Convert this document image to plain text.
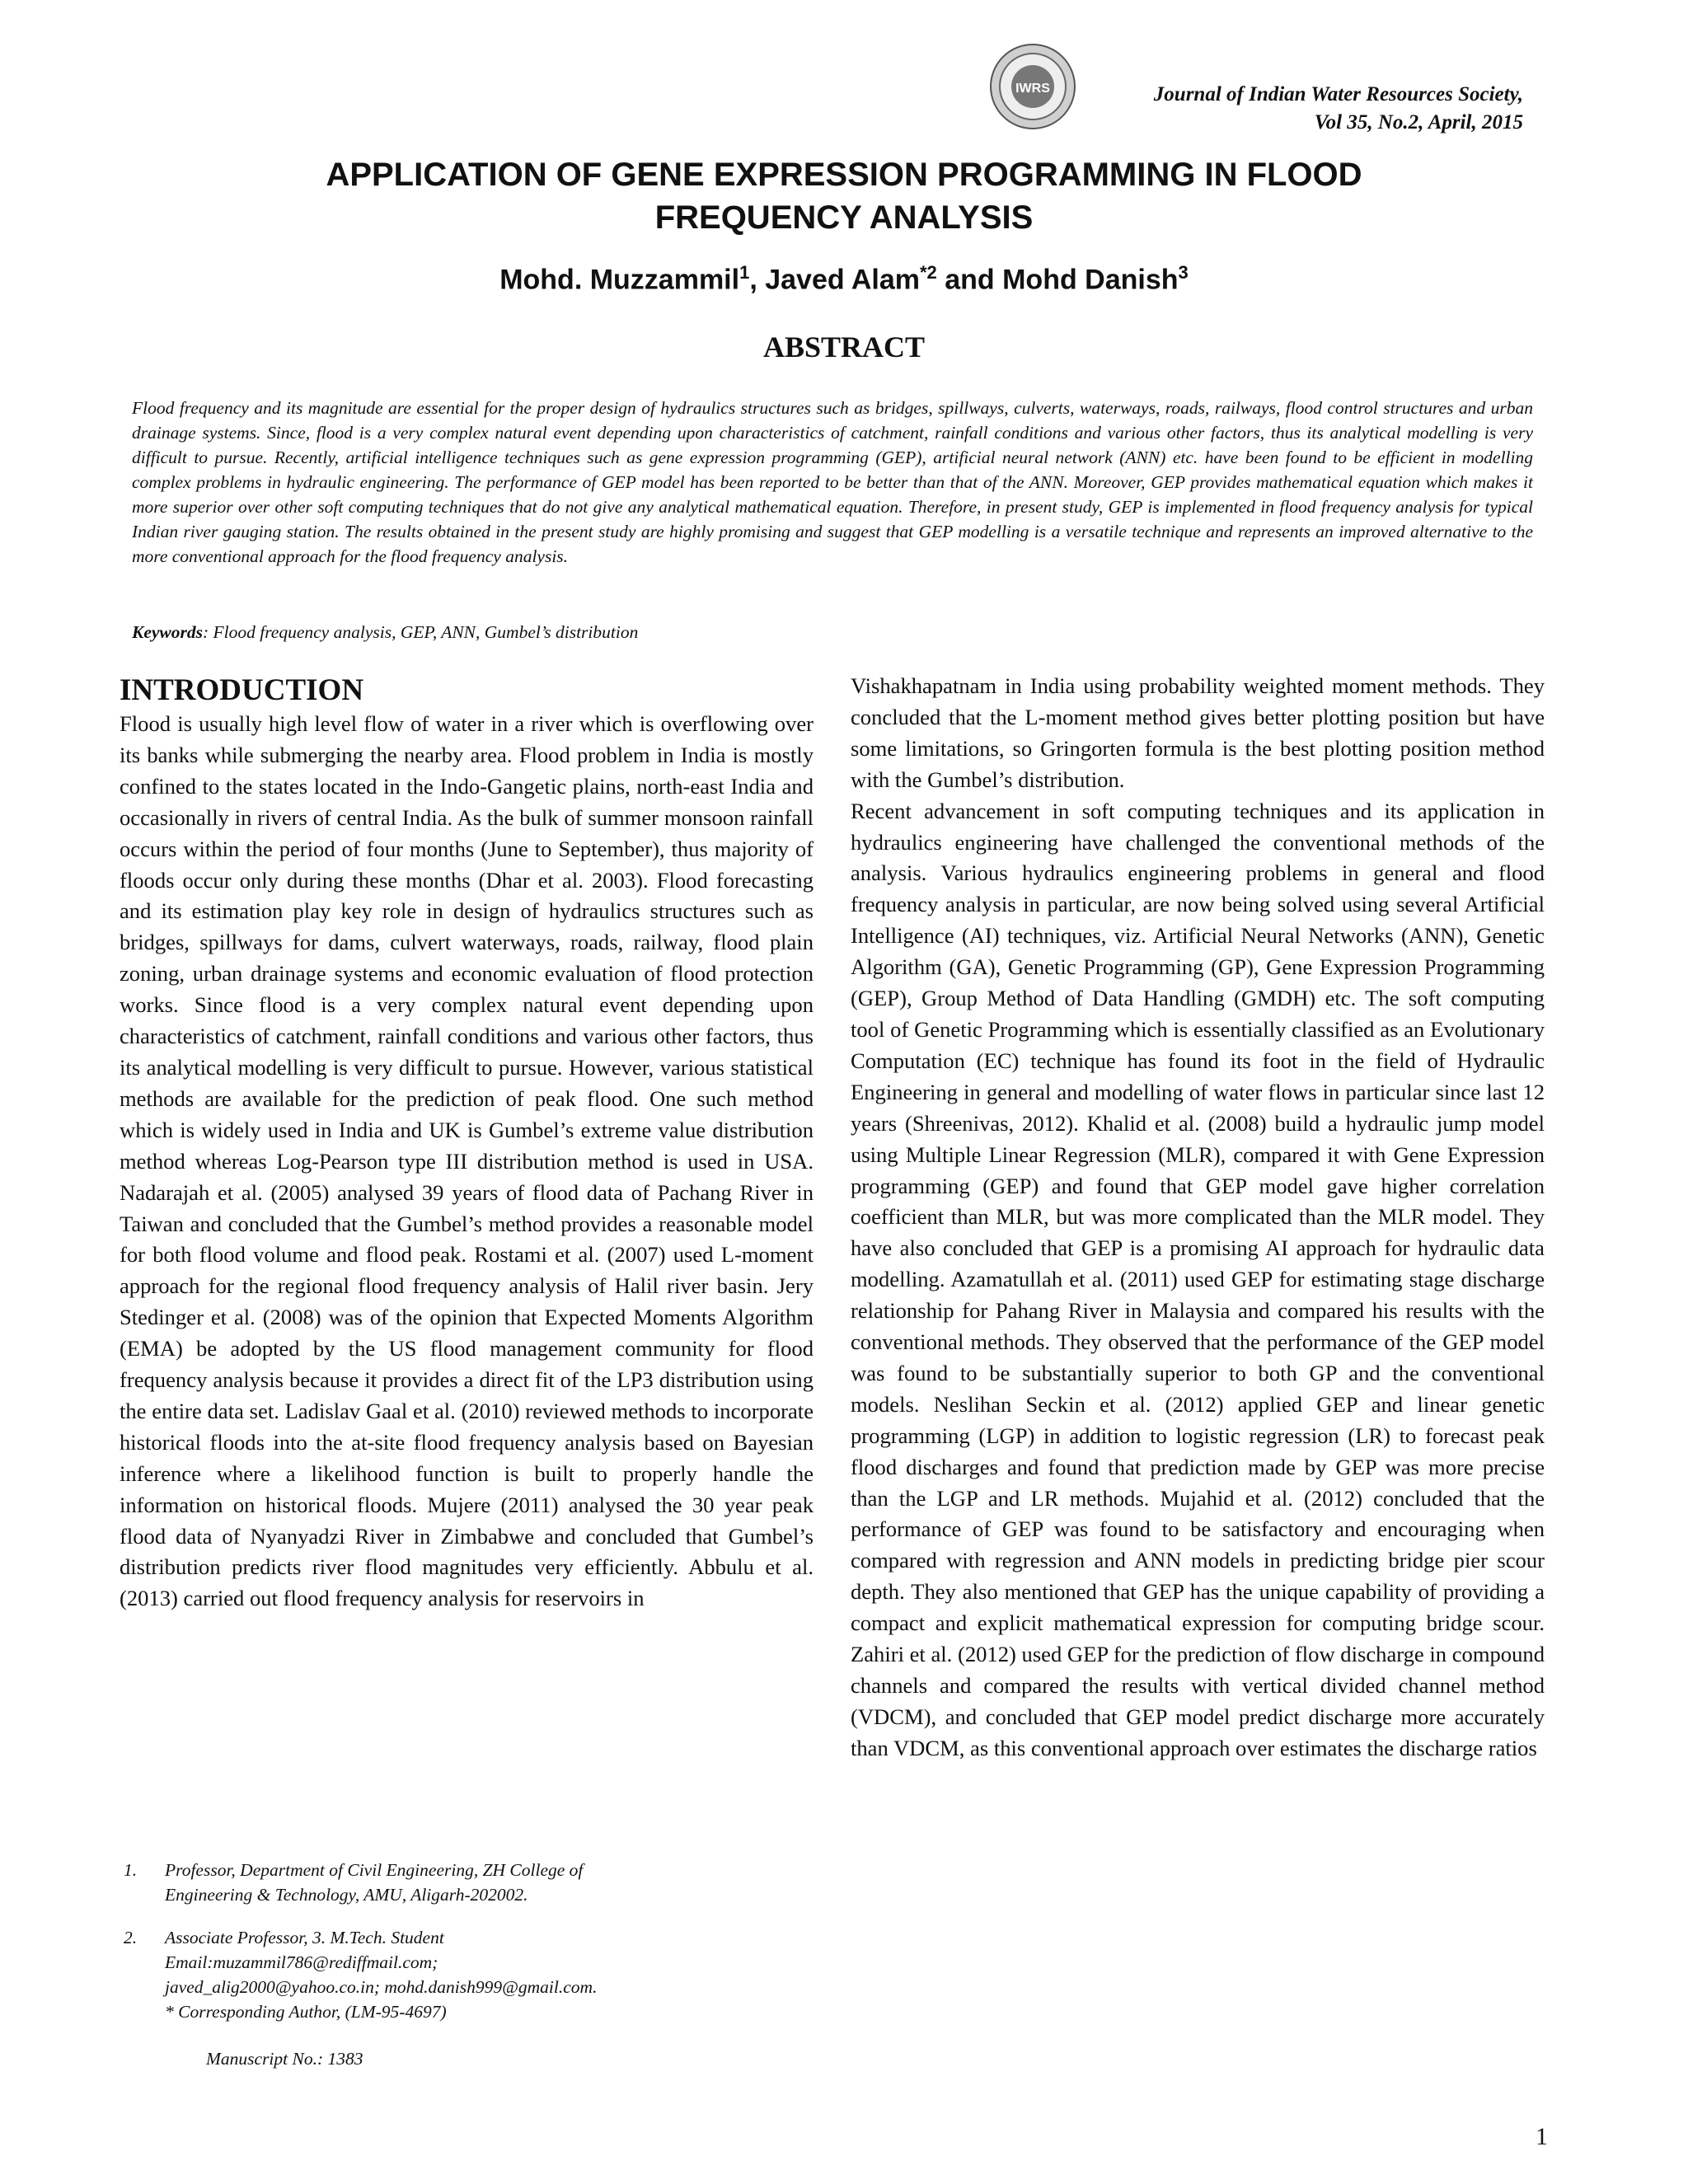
IWRS	Journal of Indian Water Resources Society,
Vol 35, No.2, April, 2015
APPLICATION OF GENE EXPRESSION PROGRAMMING IN FLOOD
FREQUENCY ANALYSIS
Mohd. Muzzammil$^1$, Javed Alam$^{*2}$ and Mohd Danish$^3$
ABSTRACT

Flood frequency and its magnitude are essential for the proper design of hydraulics structures such as bridges, spillways, culverts, waterways, roads, railways, flood control structures and urban drainage systems. Since, flood is a very complex natural event depending upon characteristics of catchment, rainfall conditions and various other factors, thus its analytical modelling is very difficult to pursue. Recently, artificial intelligence techniques such as gene expression programming (GEP), artificial neural network (ANN) etc. have been found to be efficient in modelling complex problems in hydraulic engineering. The performance of GEP model has been reported to be better than that of the ANN. Moreover, GEP provides mathematical equation which makes it more superior over other soft computing techniques that do not give any analytical mathematical equation. Therefore, in present study, GEP is implemented in flood frequency analysis for typical Indian river gauging station. The results obtained in the present study are highly promising and suggest that GEP modelling is a versatile technique and represents an improved alternative to the more conventional approach for the flood frequency analysis.

Keywords: Flood frequency analysis, GEP, ANN, Gumbel’s distribution

INTRODUCTION

Flood is usually high level flow of water in a river which is overflowing over its banks while submerging the nearby area. Flood problem in India is mostly confined to the states located in the Indo-Gangetic plains, north-east India and occasionally in rivers of central India. As the bulk of summer monsoon rainfall occurs within the period of four months (June to September), thus majority of floods occur only during these months (Dhar et al. 2003). Flood forecasting and its estimation play key role in design of hydraulics structures such as bridges, spillways for dams, culvert waterways, roads, railway, flood plain zoning, urban drainage systems and economic evaluation of flood protection works. Since flood is a very complex natural event depending upon characteristics of catchment, rainfall conditions and various other factors, thus its analytical modelling is very difficult to pursue. However, various statistical methods are available for the prediction of peak flood. One such method which is widely used in India and UK is Gumbel’s extreme value distribution method whereas Log-Pearson type III distribution method is used in USA. Nadarajah et al. (2005) analysed 39 years of flood data of Pachang River in Taiwan and concluded that the Gumbel’s method provides a reasonable model for both flood volume and flood peak. Rostami et al. (2007) used L-moment approach for the regional flood frequency analysis of Halil river basin. Jery Stedinger et al. (2008) was of the opinion that Expected Moments Algorithm (EMA) be adopted by the US flood management community for flood frequency analysis because it provides a direct fit of the LP3 distribution using the entire data set. Ladislav Gaal et al. (2010) reviewed methods to incorporate historical floods into the at-site flood frequency analysis based on Bayesian inference where a likelihood function is built to properly handle the information on historical floods. Mujere (2011) analysed the 30 year peak flood data of Nyanyadzi River in Zimbabwe and concluded that Gumbel’s distribution predicts river flood magnitudes very efficiently. Abbulu et al. (2013) carried out flood frequency analysis for reservoirs in

Vishakhapatnam in India using probability weighted moment methods. They concluded that the L-moment method gives better plotting position but have some limitations, so Gringorten formula is the best plotting position method with the Gumbel’s distribution.

Recent advancement in soft computing techniques and its application in hydraulics engineering have challenged the conventional methods of the analysis. Various hydraulics engineering problems in general and flood frequency analysis in particular, are now being solved using several Artificial Intelligence (AI) techniques, viz. Artificial Neural Networks (ANN), Genetic Algorithm (GA), Genetic Programming (GP), Gene Expression Programming (GEP), Group Method of Data Handling (GMDH) etc. The soft computing tool of Genetic Programming which is essentially classified as an Evolutionary Computation (EC) technique has found its foot in the field of Hydraulic Engineering in general and modelling of water flows in particular since last 12 years (Shreenivas, 2012). Khalid et al. (2008) build a hydraulic jump model using Multiple Linear Regression (MLR), compared it with Gene Expression programming (GEP) and found that GEP model gave higher correlation coefficient than MLR, but was more complicated than the MLR model. They have also concluded that GEP is a promising AI approach for hydraulic data modelling. Azamatullah et al. (2011) used GEP for estimating stage discharge relationship for Pahang River in Malaysia and compared his results with the conventional methods. They observed that the performance of the GEP model was found to be substantially superior to both GP and the conventional models. Neslihan Seckin et al. (2012) applied GEP and linear genetic programming (LGP) in addition to logistic regression (LR) to forecast peak flood discharges and found that prediction made by GEP was more precise than the LGP and LR methods. Mujahid et al. (2012) concluded that the performance of GEP was found to be satisfactory and encouraging when compared with regression and ANN models in predicting bridge pier scour depth. They also mentioned that GEP has the unique capability of providing a compact and explicit mathematical expression for computing bridge scour. Zahiri et al. (2012) used GEP for the prediction of flow discharge in compound channels and compared the results with vertical divided channel method (VDCM), and concluded that GEP model predict discharge more accurately than VDCM, as this conventional approach over estimates the discharge ratios

1.	Professor, Department of Civil Engineering, ZH College of

Engineering & Technology, AMU, Aligarh-202002.

2.	Associate Professor, 3. M.Tech. Student

Email:muzammil786@rediffmail.com;

javed_alig2000@yahoo.co.in; mohd.danish999@gmail.com.

* Corresponding Author, (LM-95-4697)

Manuscript No.: 1383
1
